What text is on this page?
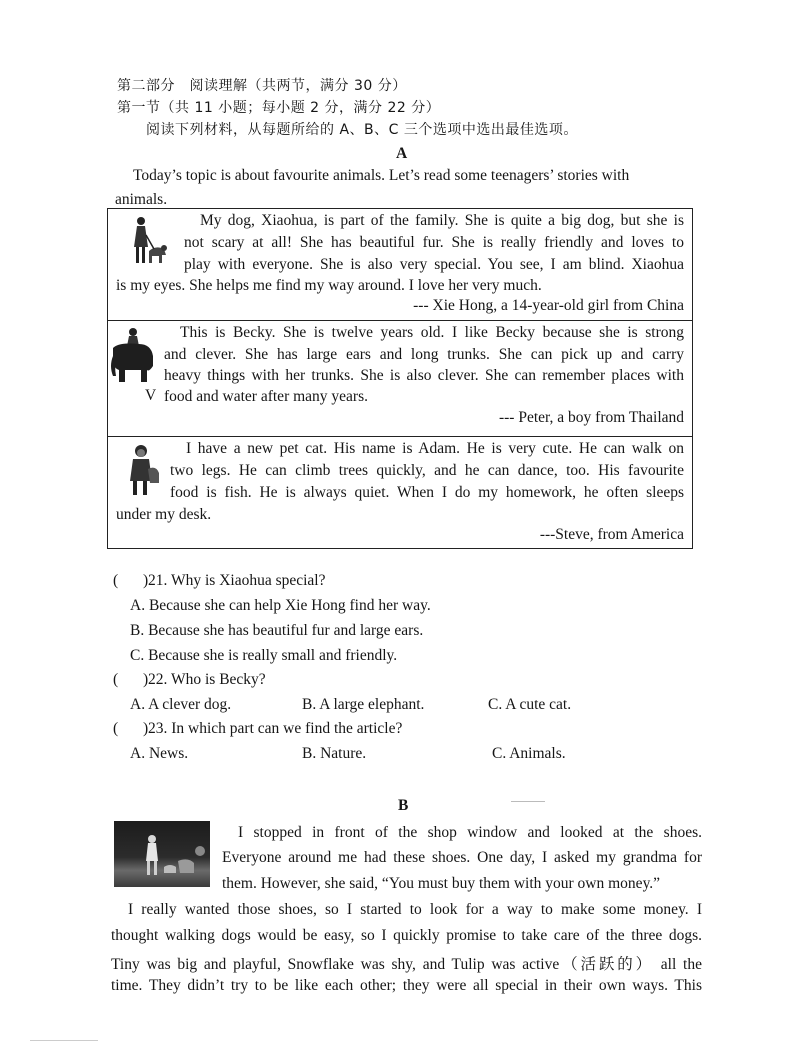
第二部分　阅读理解（共两节，满分 30 分）
第一节（共 11 小题；每小题 2 分，满分 22 分）
阅读下列材料，从每题所给的 A、B、C 三个选项中选出最佳选项。
A
Today’s topic is about favourite animals. Let’s read some teenagers’ stories with
animals.
My dog, Xiaohua, is part of the family. She is quite a big dog, but she is
not scary at all! She has beautiful fur. She is really friendly and loves to
play with everyone. She is also very special. You see, I am blind. Xiaohua
is my eyes. She helps me find my way around. I love her very much.
--- Xie Hong, a 14-year-old girl from China
This is Becky. She is twelve years old. I like Becky because she is strong
and clever. She has large ears and long trunks. She can pick up and carry
heavy things with her trunks. She is also clever. She can remember places with
food and water after many years.
V
--- Peter, a boy from Thailand
I have a new pet cat. His name is Adam. He is very cute. He can walk on
two legs. He can climb trees quickly, and he can dance, too. His favourite
food is fish. He is always quiet. When I do my homework, he often sleeps
under my desk.
---Steve, from America
( ) 21. Why is Xiaohua special?
A. Because she can help Xie Hong find her way.
B. Because she has beautiful fur and large ears.
C. Because she is really small and friendly.
( ) 22. Who is Becky?
A. A clever dog.	B. A large elephant.	C. A cute cat.
( ) 23. In which part can we find the article?
A. News.	B. Nature.	C. Animals.
B
I stopped in front of the shop window and looked at the shoes.
Everyone around me had these shoes. One day, I asked my grandma for
them. However, she said, “You must buy them with your own money.”
I really wanted those shoes, so I started to look for a way to make some money. I
thought walking dogs would be easy, so I quickly promise to take care of the three dogs.
Tiny was big and playful, Snowflake was shy, and Tulip was active（活跃的） all the
time. They didn’t try to be like each other; they were all special in their own ways. This
